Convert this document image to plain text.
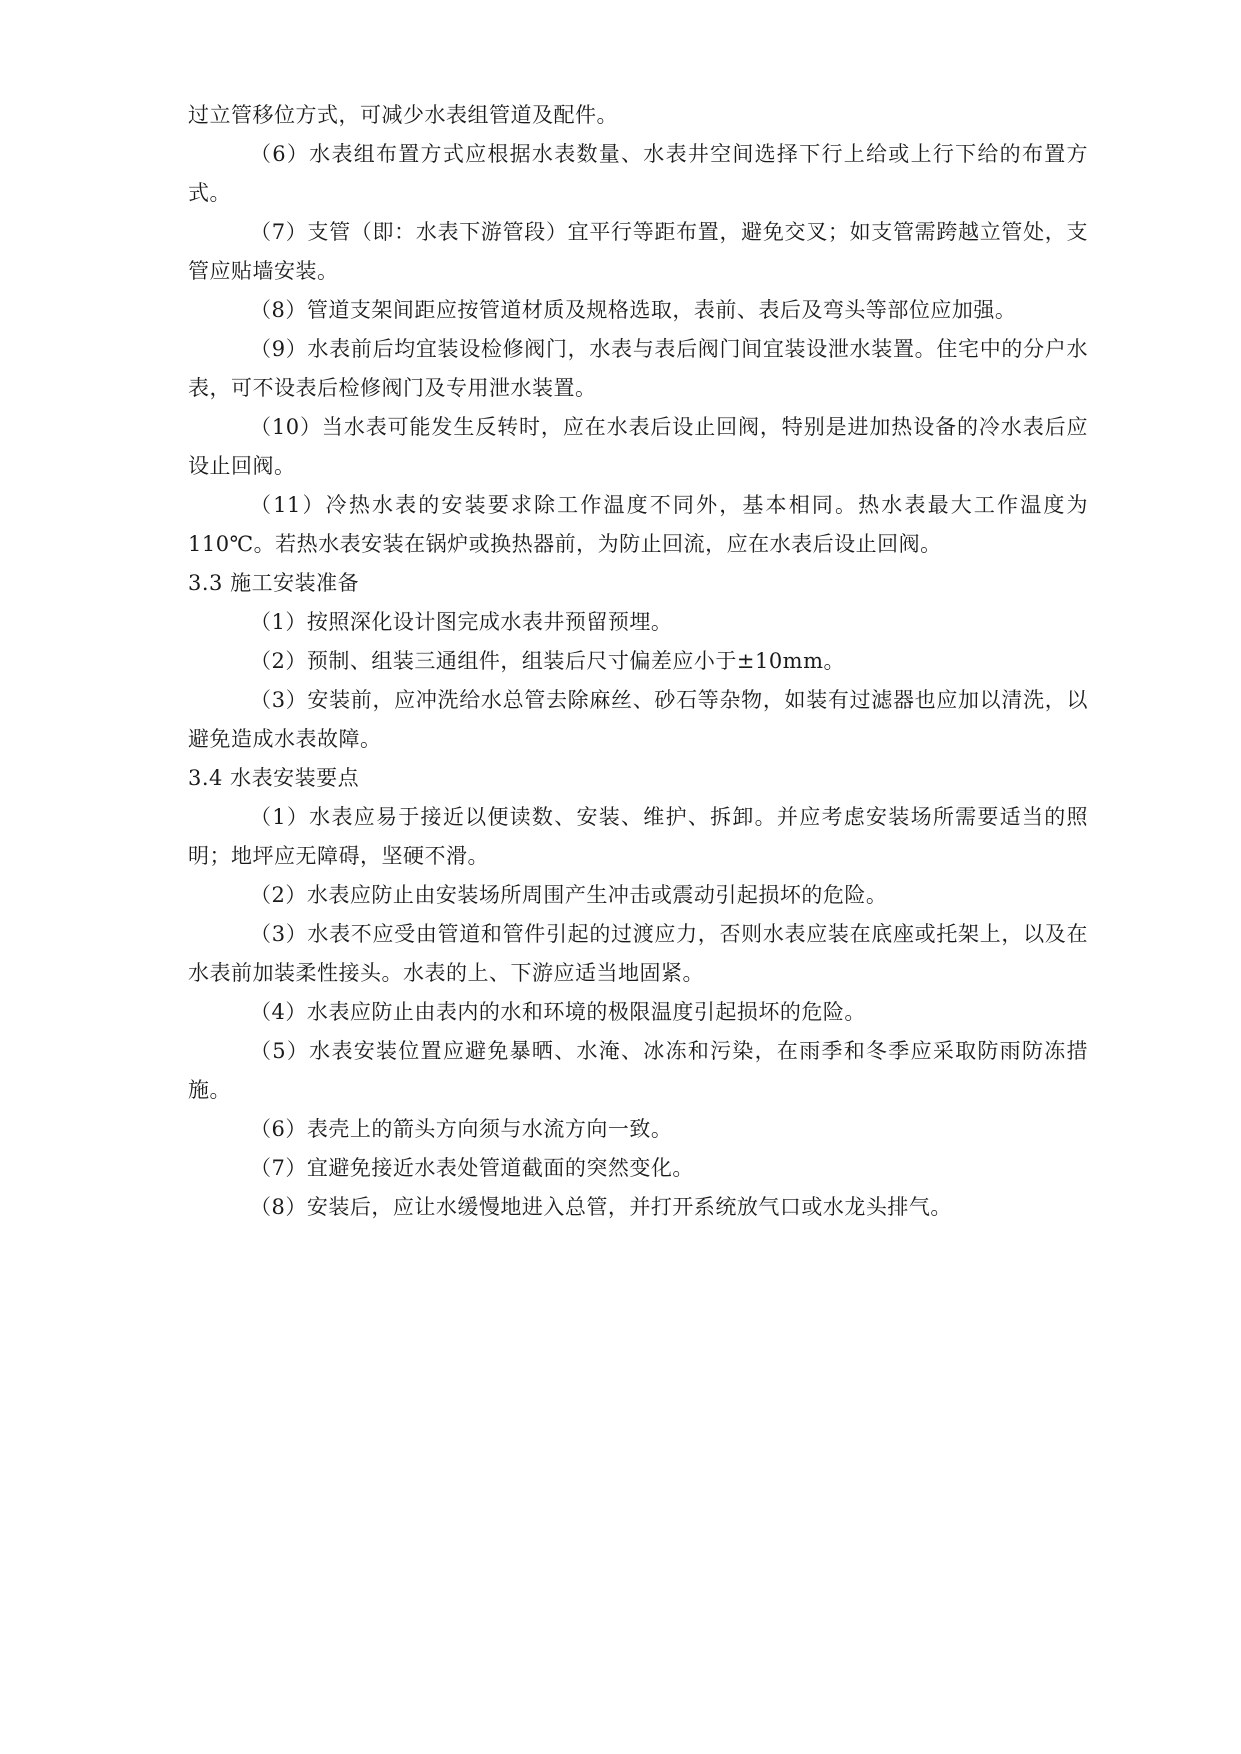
过立管移位方式，可减少水表组管道及配件。

（6）水表组布置方式应根据水表数量、水表井空间选择下行上给或上行下给的布置方式。

（7）支管（即：水表下游管段）宜平行等距布置，避免交叉；如支管需跨越立管处，支管应贴墙安装。

（8）管道支架间距应按管道材质及规格选取，表前、表后及弯头等部位应加强。

（9）水表前后均宜装设检修阀门，水表与表后阀门间宜装设泄水装置。住宅中的分户水表，可不设表后检修阀门及专用泄水装置。

（10）当水表可能发生反转时，应在水表后设止回阀，特别是进加热设备的冷水表后应设止回阀。

（11）冷热水表的安装要求除工作温度不同外，基本相同。热水表最大工作温度为 110℃。若热水表安装在锅炉或换热器前，为防止回流，应在水表后设止回阀。

3.3 施工安装准备

（1）按照深化设计图完成水表井预留预埋。

（2）预制、组装三通组件，组装后尺寸偏差应小于±10mm。

（3）安装前，应冲洗给水总管去除麻丝、砂石等杂物，如装有过滤器也应加以清洗，以避免造成水表故障。

3.4 水表安装要点

（1）水表应易于接近以便读数、安装、维护、拆卸。并应考虑安装场所需要适当的照明；地坪应无障碍，坚硬不滑。

（2）水表应防止由安装场所周围产生冲击或震动引起损坏的危险。

（3）水表不应受由管道和管件引起的过渡应力，否则水表应装在底座或托架上，以及在水表前加装柔性接头。水表的上、下游应适当地固紧。

（4）水表应防止由表内的水和环境的极限温度引起损坏的危险。

（5）水表安装位置应避免暴晒、水淹、冰冻和污染，在雨季和冬季应采取防雨防冻措施。

（6）表壳上的箭头方向须与水流方向一致。

（7）宜避免接近水表处管道截面的突然变化。

（8）安装后，应让水缓慢地进入总管，并打开系统放气口或水龙头排气。
